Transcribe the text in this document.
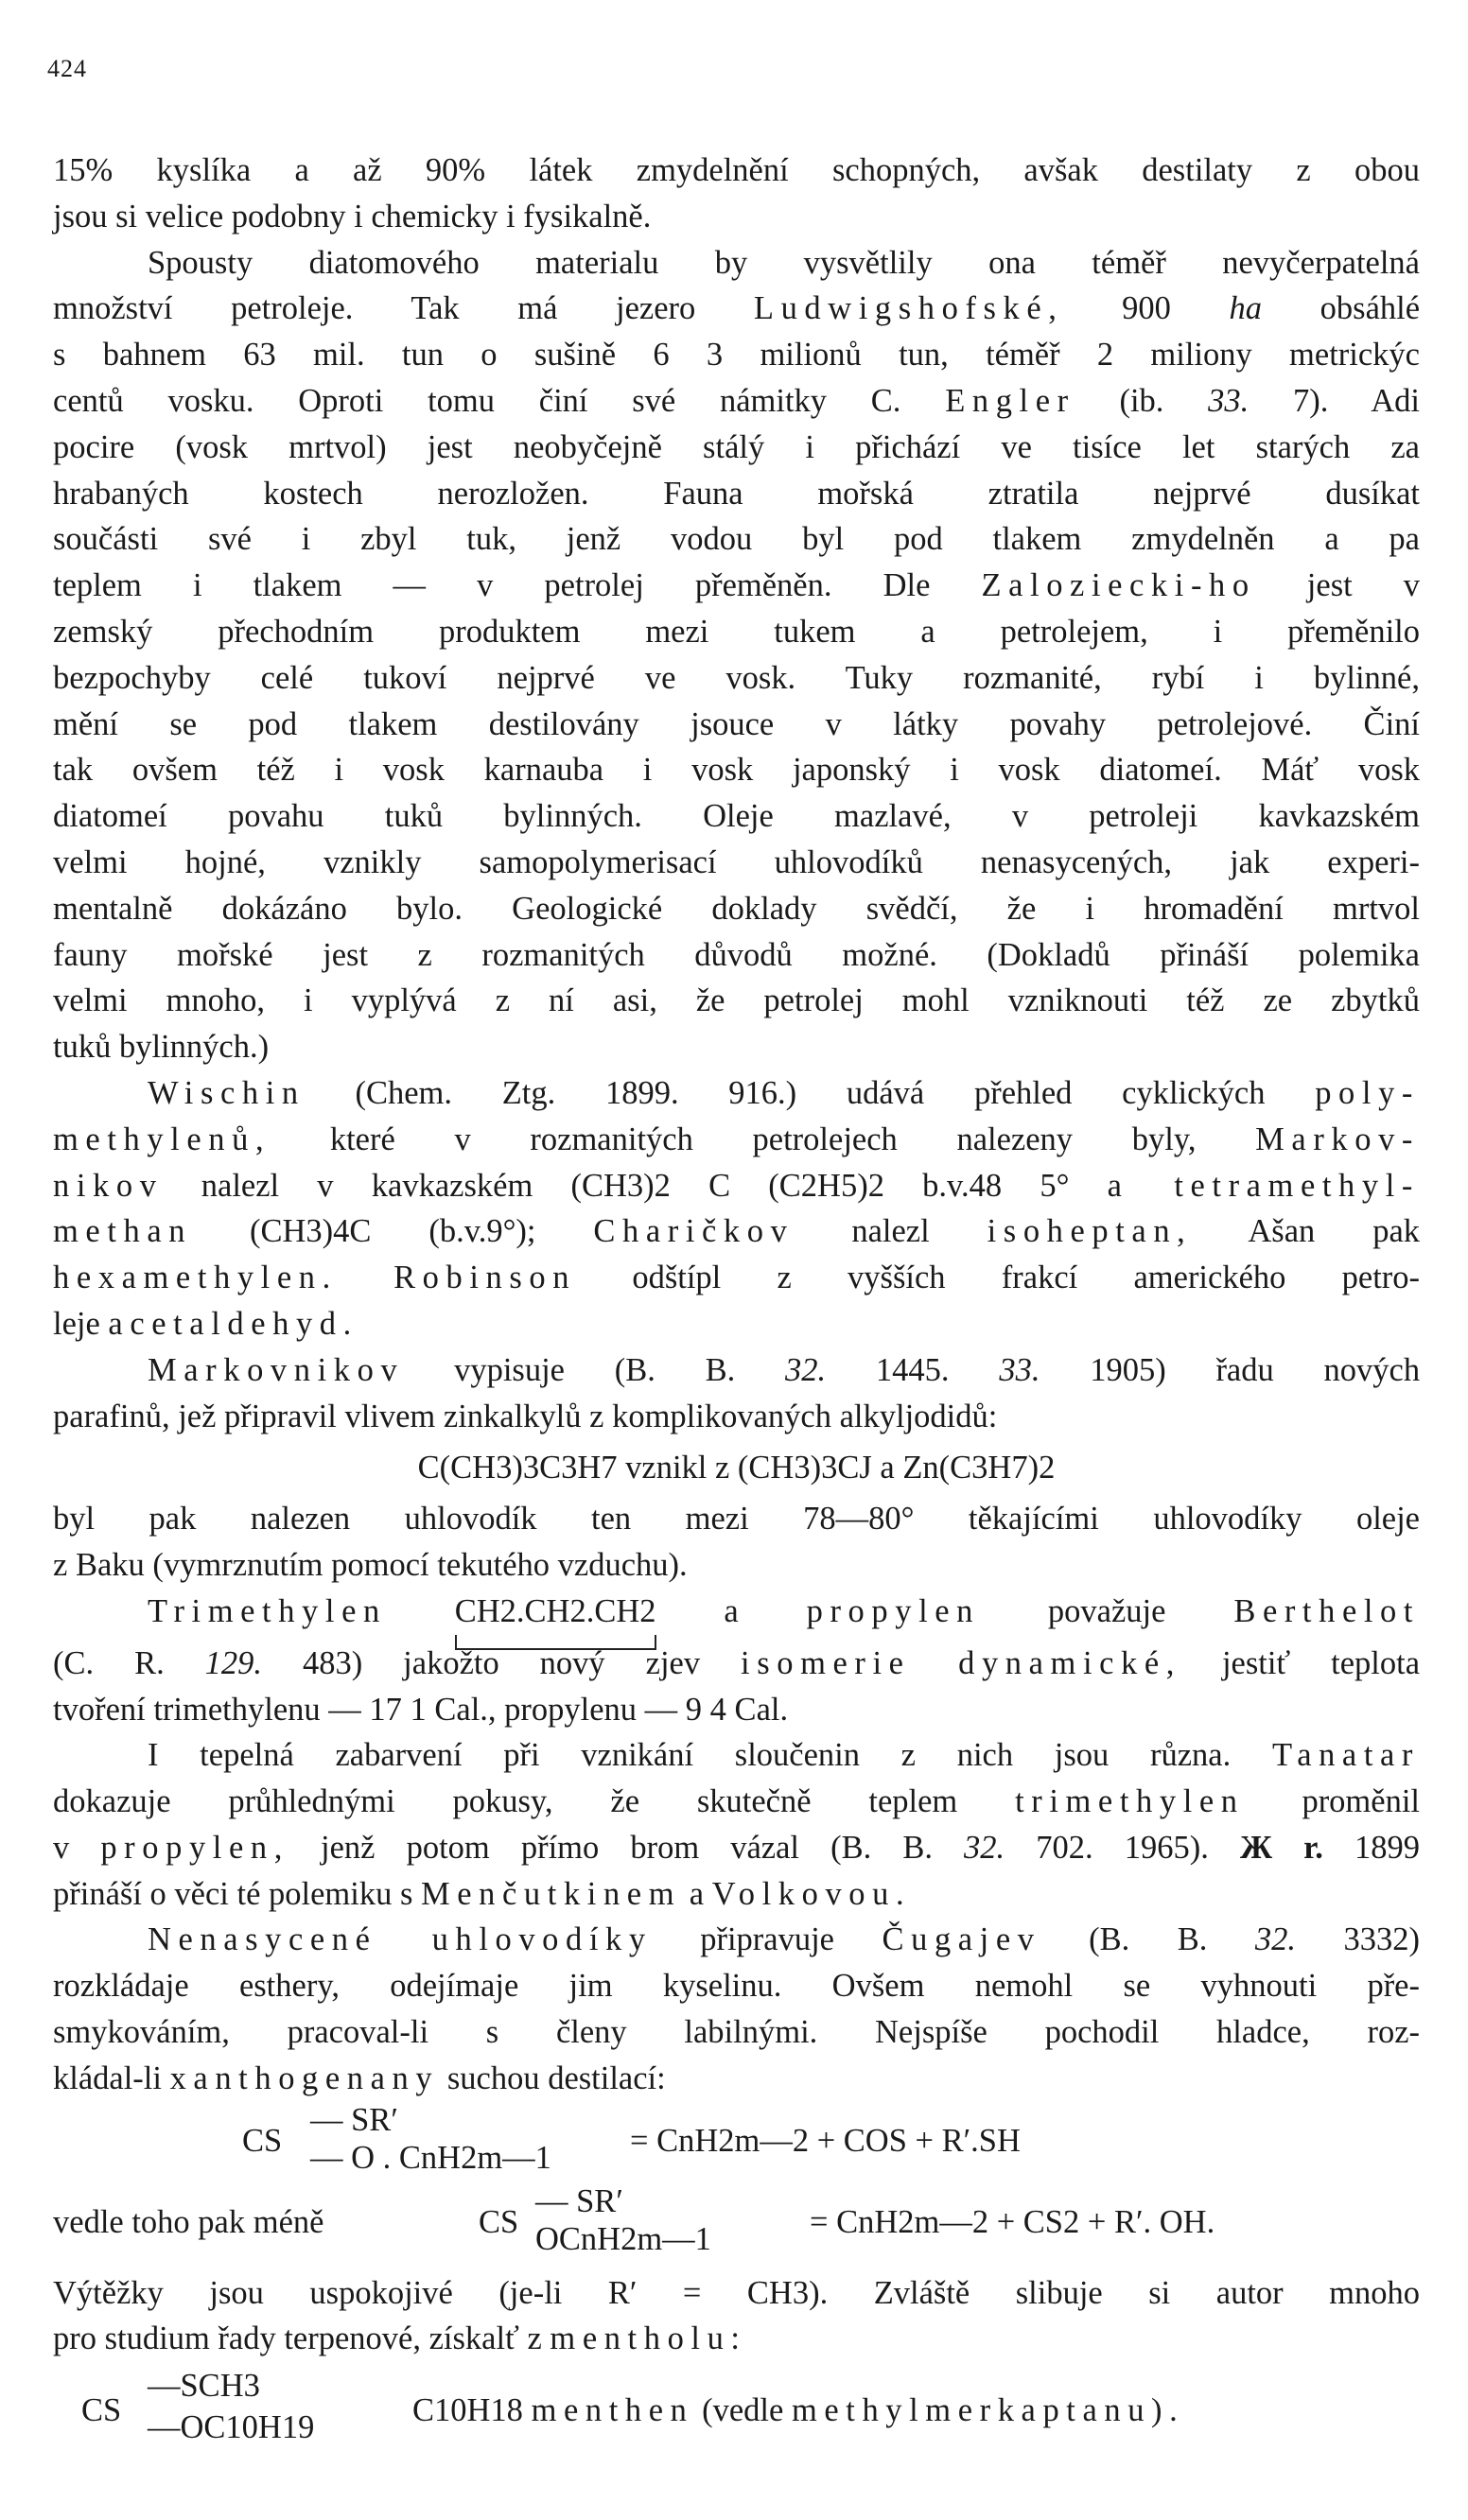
424
15% kyslíka a až 90% látek zmydelnění schopných, avšak destilaty z obou
jsou si velice podobny i chemicky i fysikalně.
Spousty diatomového materialu by vysvětlily ona téměř nevyčerpatelná
množství petroleje. Tak má jezero Ludwigshofské, 900 ha obsáhlé
s bahnem 63 mil. tun o sušině 6 3 milionů tun, téměř 2 miliony metrickýc
centů vosku. Oproti tomu činí své námitky C. Engler (ib. 33. 7). Adi
pocire (vosk mrtvol) jest neobyčejně stálý i přichází ve tisíce let starých za
hrabaných kostech nerozložen. Fauna mořská ztratila nejprvé dusíkat
součásti své i zbyl tuk, jenž vodou byl pod tlakem zmydelněn a pa
teplem i tlakem — v petrolej přeměněn. Dle Zaloziecki-ho jest v
zemský přechodním produktem mezi tukem a petrolejem, i přeměnilo
bezpochyby celé tukoví nejprvé ve vosk. Tuky rozmanité, rybí i bylinné,
mění se pod tlakem destilovány jsouce v látky povahy petrolejové. Činí
tak ovšem též i vosk karnauba i vosk japonský i vosk diatomeí. Máť vosk
diatomeí povahu tuků bylinných. Oleje mazlavé, v petroleji kavkazském
velmi hojné, vznikly samopolymerisací uhlovodíků nenasycených, jak experi-
mentalně dokázáno bylo. Geologické doklady svědčí, že i hromadění mrtvol
fauny mořské jest z rozmanitých důvodů možné. (Dokladů přináší polemika
velmi mnoho, i vyplývá z ní asi, že petrolej mohl vzniknouti též ze zbytků
tuků bylinných.)
Wischin (Chem. Ztg. 1899. 916.) udává přehled cyklických poly-
methylenů, které v rozmanitých petrolejech nalezeny byly, Markov-
nikov nalezl v kavkazském (CH3)2 C (C2H5)2 b.v.48 5° a tetramethyl-
methan (CH3)4C (b.v.9°); Charičkov nalezl isoheptan, Ašan pak
hexamethylen. Robinson odštípl z vyšších frakcí amerického petro-
leje acetaldehyd.
Markovnikov vypisuje (B. B. 32. 1445. 33. 1905) řadu nových
parafinů, jež připravil vlivem zinkalkylů z komplikovaných alkyljodidů:
C(CH3)3C3H7 vznikl z (CH3)3CJ a Zn(C3H7)2
byl pak nalezen uhlovodík ten mezi 78—80° těkajícími uhlovodíky oleje
z Baku (vymrznutím pomocí tekutého vzduchu).
Trimethylen CH2.CH2.CH2 a propylen považuje Berthelot
(C. R. 129. 483) jakožto nový zjev isomerie dynamické, jestiť teplota
tvoření trimethylenu — 17 1 Cal., propylenu — 9 4 Cal.
I tepelná zabarvení při vznikání sloučenin z nich jsou různa. Tanatar
dokazuje průhlednými pokusy, že skutečně teplem trimethylen proměnil
v propylen, jenž potom přímo brom vázal (B. B. 32. 702. 1965). Ж r. 1899
přináší o věci té polemiku s Menčutkinem a Volkovou.
Nenasycené uhlovodíky připravuje Čugajev (B. B. 32. 3332)
rozkládaje esthery, odejímaje jim kyselinu. Ovšem nemohl se vyhnouti pře-
smykováním, pracoval-li s členy labilnými. Nejspíše pochodil hladce, roz-
kládal-li xanthogenany suchou destilací:
CS
— SR′
— O . CnH2m—1 = CnH2m—2 + COS + R′.SH
vedle toho pak méně	CS
— SR′
OCnH2m—1	= CnH2m—2 + CS2 + R′. OH.
Výtěžky jsou uspokojivé (je-li R′ = CH3). Zvláště slibuje si autor mnoho
pro studium řady terpenové, získalť z mentholu:
CS
—SCH3
—OC10H19	C10H18 menthen (vedle methylmerkaptanu).
